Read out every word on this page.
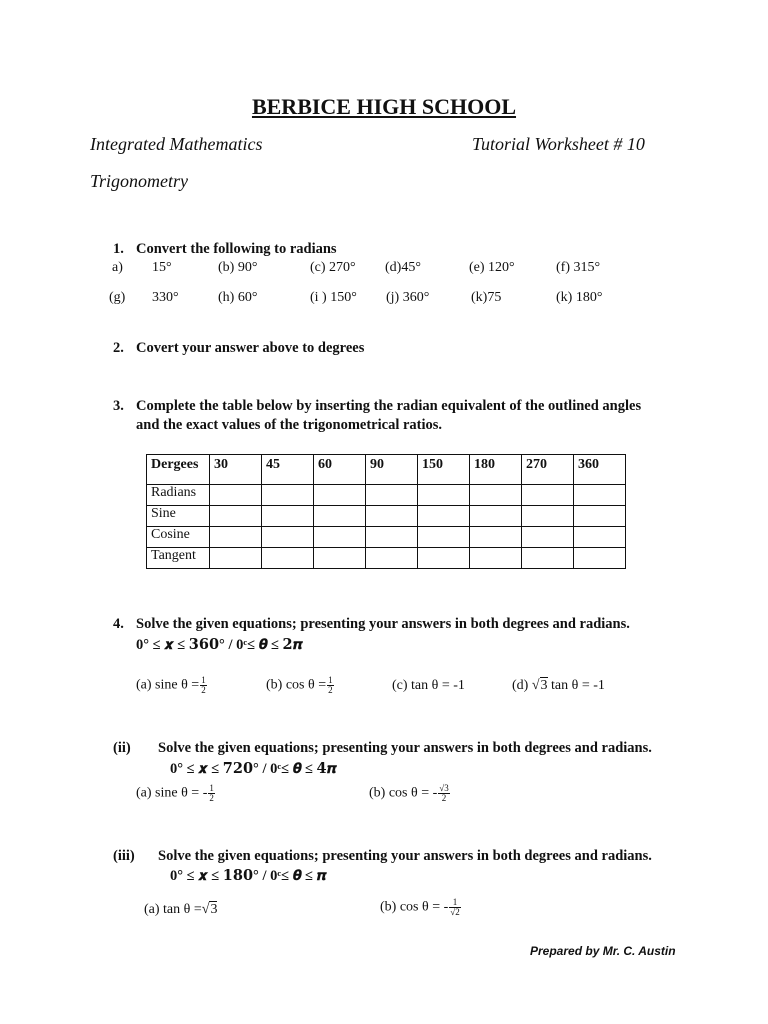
BERBICE HIGH SCHOOL
Integrated Mathematics	Tutorial Worksheet # 10
Trigonometry
1. Convert the following to radians
a) 15°	(b) 90°	(c) 270° (d)45°	(e) 120°	(f) 315°
(g) 330°	(h) 60°	(i ) 150° (j) 360°	(k)75	(k) 180°
2. Covert your answer above to degrees
3. Complete the table below by inserting the radian equivalent of the outlined angles
and the exact values of the trigonometrical ratios.
Dergees	30	45	60	90	150	180	270	360
Radians								
Sine								
Cosine								
Tangent								
4. Solve the given equations; presenting your answers in both degrees and radians.
0° ≤ 𝒙 ≤ 𝟑𝟔𝟎° / 0ᶜ≤ 𝜽 ≤ 𝟐𝝅
(a) sine $\theta = \frac{1}{2}$	(b) $\cos \theta = \frac{1}{2}$	(c) tan θ = -1	(d) √3 tan θ = -1
(ii) Solve the given equations; presenting your answers in both degrees and radians.
0° ≤ 𝒙 ≤ 𝟕𝟐𝟎° / 0ᶜ≤ 𝜽 ≤ 𝟒𝝅
(a) sine θ = - $\frac{1}{2}$	(b) cos θ = - $\frac{√3}{2}$
(iii) Solve the given equations; presenting your answers in both degrees and radians.
0° ≤ 𝒙 ≤ 𝟏𝟖𝟎° / 0ᶜ≤ 𝜽 ≤ 𝝅
(a) tan θ =√3	(b) cos θ = - $\frac{1}{√2}$
Prepared by Mr. C. Austin
